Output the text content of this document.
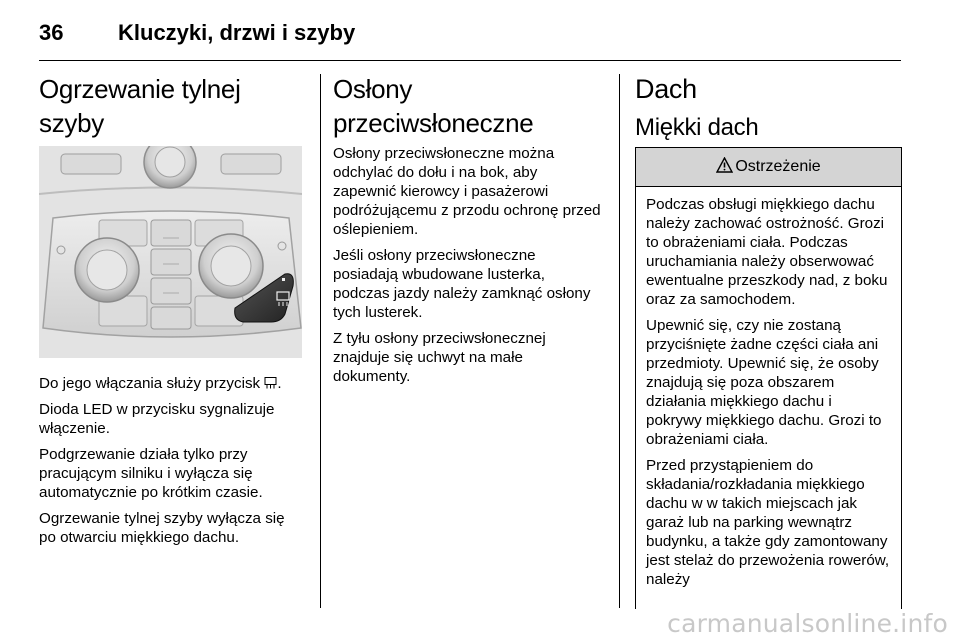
36 Kluczyki, drzwi i szyby
Ogrzewanie tylnej szyby

Do jego włączania służy przycisk .

Dioda LED w przycisku sygnalizuje włączenie.

Podgrzewanie działa tylko przy pracującym silniku i wyłącza się automatycznie po krótkim czasie.

Ogrzewanie tylnej szyby wyłącza się po otwarciu miękkiego dachu.

Osłony przeciwsłoneczne

Osłony przeciwsłoneczne można odchylać do dołu i na bok, aby zapewnić kierowcy i pasażerowi podróżującemu z przodu ochronę przed oślepieniem.

Jeśli osłony przeciwsłoneczne posiadają wbudowane lusterka, podczas jazdy należy zamknąć osłony tych lusterek.

Z tyłu osłony przeciwsłonecznej znajduje się uchwyt na małe dokumenty.

Dach
Miękki dach
Ostrzeżenie

Podczas obsługi miękkiego dachu należy zachować ostrożność. Grozi to obrażeniami ciała. Podczas uruchamiania należy obserwować ewentualne przeszkody nad, z boku oraz za samochodem.

Upewnić się, czy nie zostaną przyciśnięte żadne części ciała ani przedmioty. Upewnić się, że osoby znajdują się poza obszarem działania miękkiego dachu i pokrywy miękkiego dachu. Grozi to obrażeniami ciała.

Przed przystąpieniem do składania/rozkładania miękkiego dachu w w takich miejscach jak garaż lub na parking wewnątrz budynku, a także gdy zamontowany jest stelaż do przewożenia rowerów, należy

carmanualsonline.info
